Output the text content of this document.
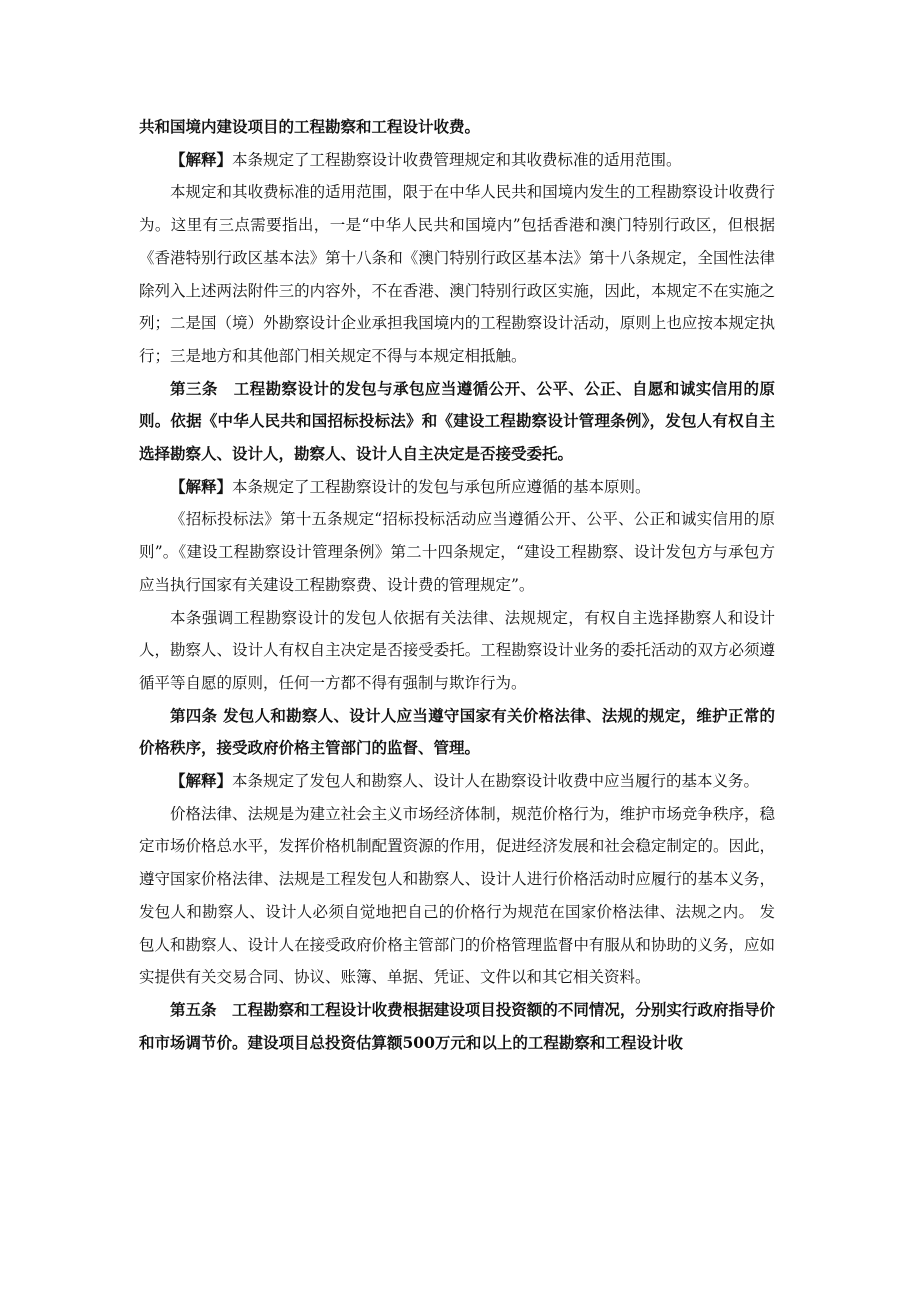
共和国境内建设项目的工程勘察和工程设计收费。

【解释】本条规定了工程勘察设计收费管理规定和其收费标准的适用范围。

本规定和其收费标准的适用范围，限于在中华人民共和国境内发生的工程勘察设计收费行为。这里有三点需要指出，一是“中华人民共和国境内”包括香港和澳门特别行政区，但根据《香港特别行政区基本法》第十八条和《澳门特别行政区基本法》第十八条规定，全国性法律除列入上述两法附件三的内容外，不在香港、澳门特别行政区实施，因此，本规定不在实施之列；二是国（境）外勘察设计企业承担我国境内的工程勘察设计活动，原则上也应按本规定执行；三是地方和其他部门相关规定不得与本规定相抵触。

第三条　工程勘察设计的发包与承包应当遵循公开、公平、公正、自愿和诚实信用的原则。依据《中华人民共和国招标投标法》和《建设工程勘察设计管理条例》，发包人有权自主选择勘察人、设计人，勘察人、设计人自主决定是否接受委托。

【解释】本条规定了工程勘察设计的发包与承包所应遵循的基本原则。

《招标投标法》第十五条规定“招标投标活动应当遵循公开、公平、公正和诚实信用的原则”。《建设工程勘察设计管理条例》第二十四条规定，“建设工程勘察、设计发包方与承包方应当执行国家有关建设工程勘察费、设计费的管理规定”。

本条强调工程勘察设计的发包人依据有关法律、法规规定，有权自主选择勘察人和设计人，勘察人、设计人有权自主决定是否接受委托。工程勘察设计业务的委托活动的双方必须遵循平等自愿的原则，任何一方都不得有强制与欺诈行为。

第四条 发包人和勘察人、设计人应当遵守国家有关价格法律、法规的规定，维护正常的价格秩序，接受政府价格主管部门的监督、管理。

【解释】本条规定了发包人和勘察人、设计人在勘察设计收费中应当履行的基本义务。

价格法律、法规是为建立社会主义市场经济体制，规范价格行为，维护市场竞争秩序，稳定市场价格总水平，发挥价格机制配置资源的作用，促进经济发展和社会稳定制定的。因此，遵守国家价格法律、法规是工程发包人和勘察人、设计人进行价格活动时应履行的基本义务，发包人和勘察人、设计人必须自觉地把自己的价格行为规范在国家价格法律、法规之内。 发包人和勘察人、设计人在接受政府价格主管部门的价格管理监督中有服从和协助的义务，应如实提供有关交易合同、协议、账簿、单据、凭证、文件以和其它相关资料。

第五条　工程勘察和工程设计收费根据建设项目投资额的不同情况，分别实行政府指导价和市场调节价。建设项目总投资估算额500万元和以上的工程勘察和工程设计收
